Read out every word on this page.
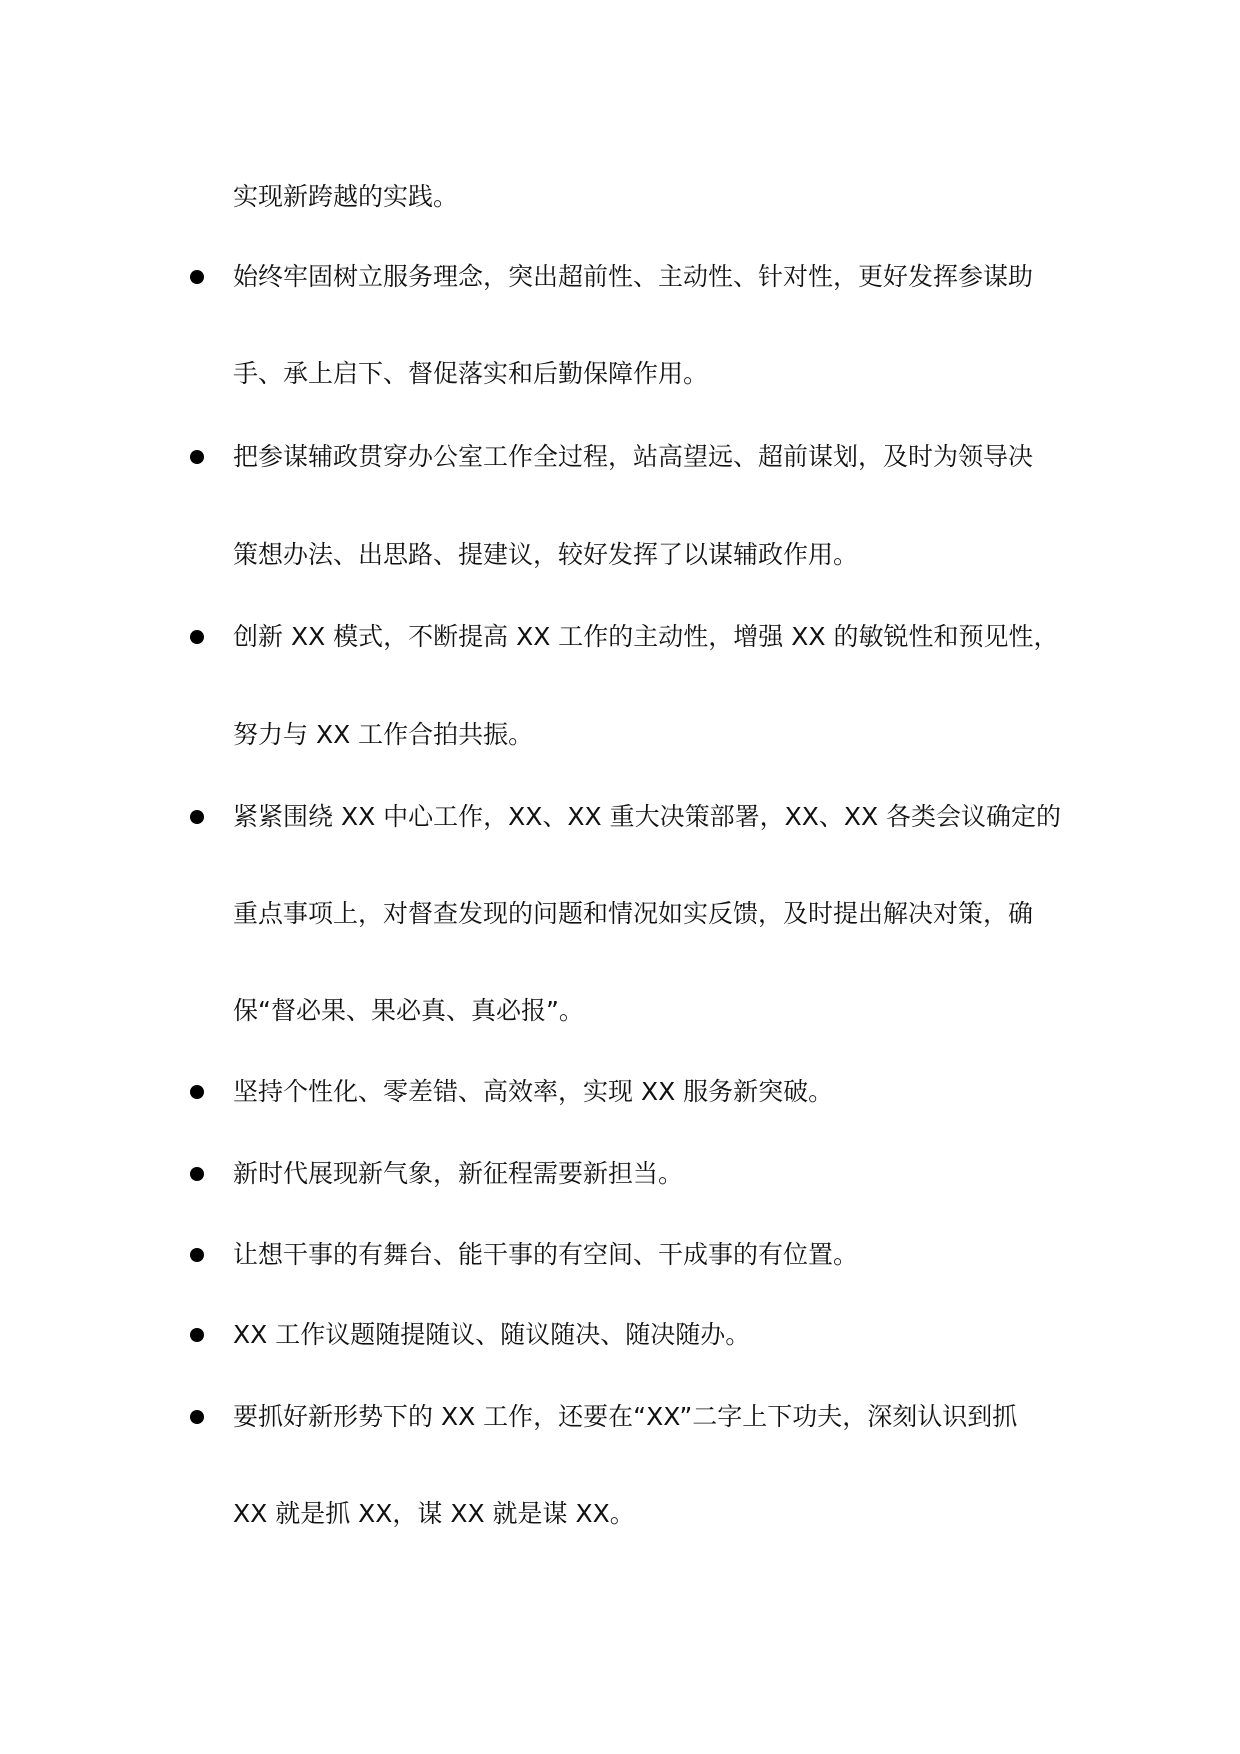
实现新跨越的实践。
始终牢固树立服务理念，突出超前性、主动性、针对性，更好发挥参谋助
手、承上启下、督促落实和后勤保障作用。
把参谋辅政贯穿办公室工作全过程，站高望远、超前谋划，及时为领导决
策想办法、出思路、提建议，较好发挥了以谋辅政作用。
创新 XX 模式，不断提高 XX 工作的主动性，增强 XX 的敏锐性和预见性，
努力与 XX 工作合拍共振。
紧紧围绕 XX 中心工作，XX、XX 重大决策部署，XX、XX 各类会议确定的
重点事项上，对督查发现的问题和情况如实反馈，及时提出解决对策，确
保“督必果、果必真、真必报”。
坚持个性化、零差错、高效率，实现 XX 服务新突破。
新时代展现新气象，新征程需要新担当。
让想干事的有舞台、能干事的有空间、干成事的有位置。
XX 工作议题随提随议、随议随决、随决随办。
要抓好新形势下的 XX 工作，还要在“XX”二字上下功夫，深刻认识到抓
XX 就是抓 XX，谋 XX 就是谋 XX。
